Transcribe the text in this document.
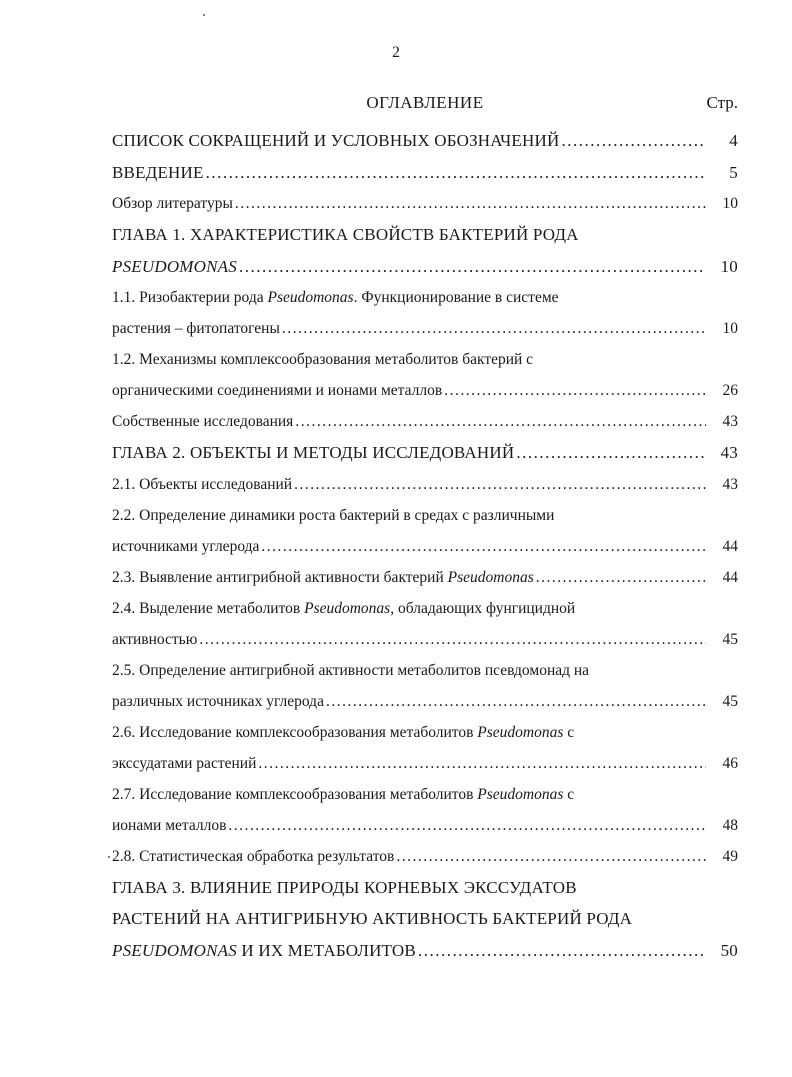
2
ОГЛАВЛЕНИЕ	Стр.
СПИСОК СОКРАЩЕНИЙ И УСЛОВНЫХ ОБОЗНАЧЕНИЙ .....	4
ВВЕДЕНИЕ .....	5
Обзор литературы .....	10
ГЛАВА 1. ХАРАКТЕРИСТИКА СВОЙСТВ БАКТЕРИЙ РОДА
PSEUDOMONAS .....	10
1.1. Ризобактерии рода Pseudomonas. Функционирование в системе
растения – фитопатогены .....	10
1.2. Механизмы комплексообразования метаболитов бактерий с
органическими соединениями и ионами металлов .....	26
Собственные исследования .....	43
ГЛАВА 2. ОБЪЕКТЫ И МЕТОДЫ ИССЛЕДОВАНИЙ .....	43
2.1. Объекты исследований .....	43
2.2. Определение динамики роста бактерий в средах с различными
источниками углерода .....	44
2.3. Выявление антигрибной активности бактерий Pseudomonas .....	44
2.4. Выделение метаболитов Pseudomonas, обладающих фунгицидной
активностью .....	45
2.5. Определение антигрибной активности метаболитов псевдомонад на
различных источниках углерода .....	45
2.6. Исследование комплексообразования метаболитов Pseudomonas с
экссудатами растений .....	46
2.7. Исследование комплексообразования метаболитов Pseudomonas с
ионами металлов .....	48
2.8. Статистическая обработка результатов .....	49
ГЛАВА 3. ВЛИЯНИЕ ПРИРОДЫ КОРНЕВЫХ ЭКССУДАТОВ
РАСТЕНИЙ НА АНТИГРИБНУЮ АКТИВНОСТЬ БАКТЕРИЙ РОДА
PSEUDOMONAS И ИХ МЕТАБОЛИТОВ .....	50
